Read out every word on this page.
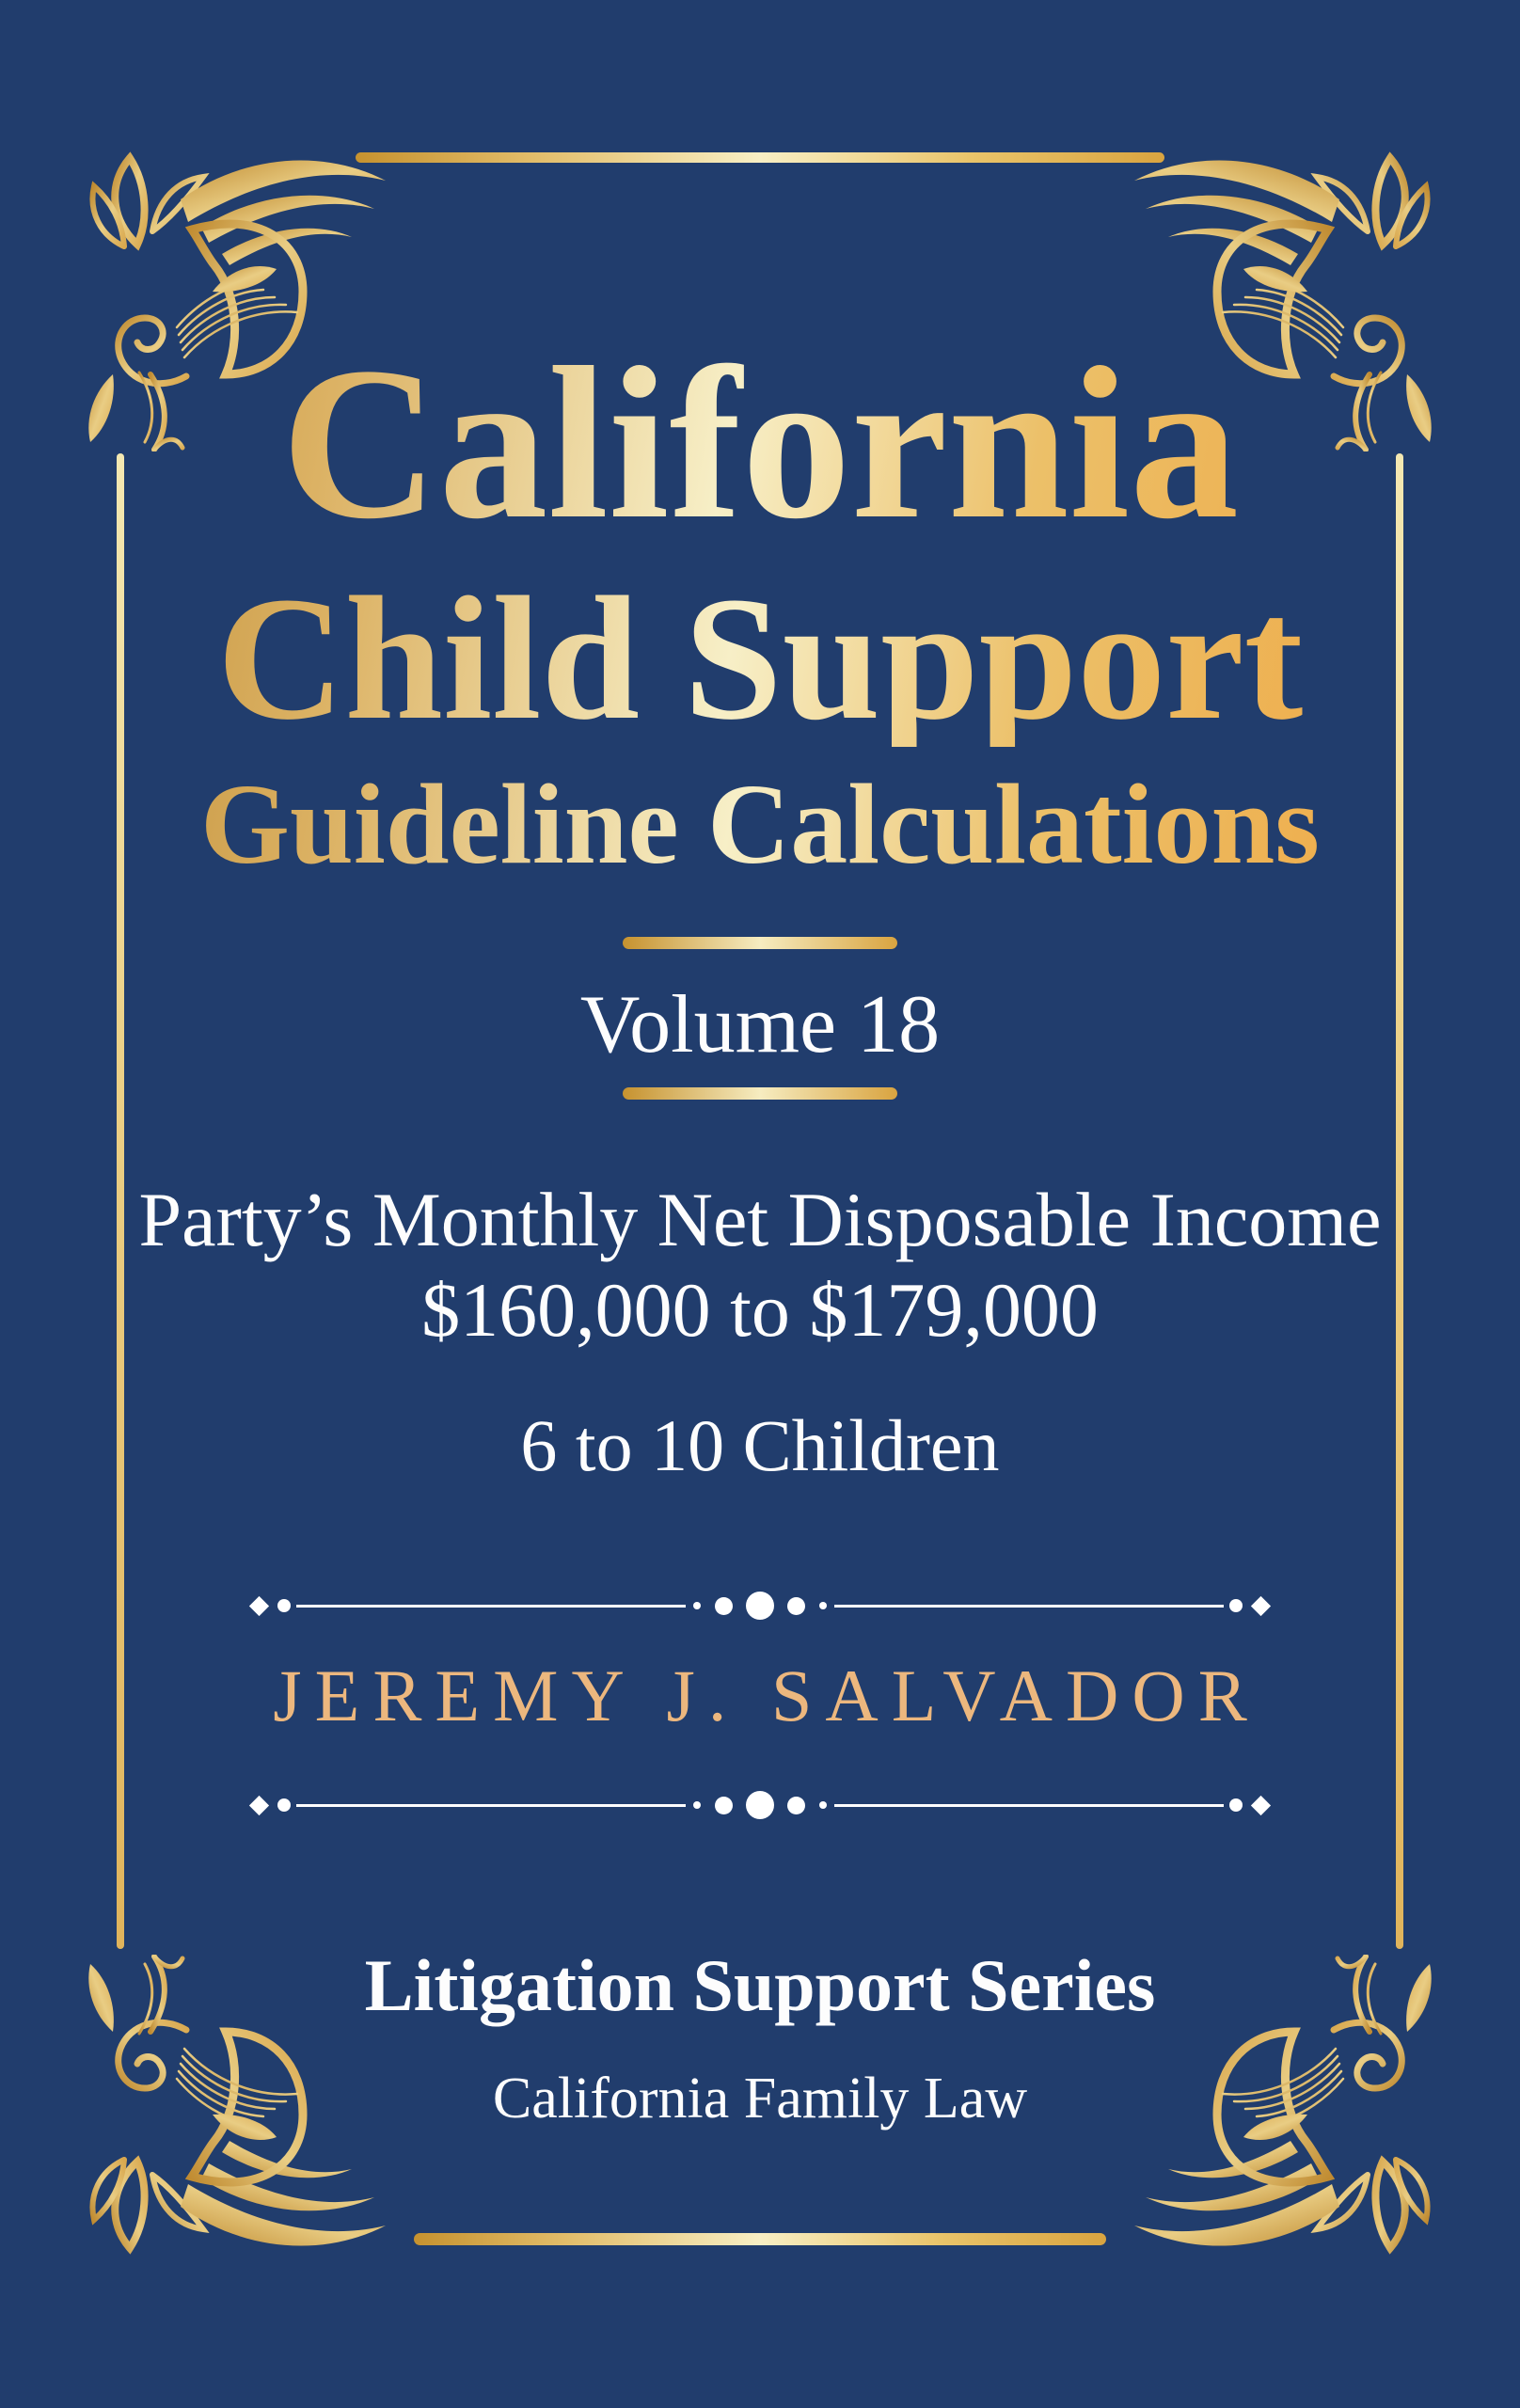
California
Child Support
Guideline Calculations
Volume 18
Party’s Monthly Net Disposable Income
$160,000 to $179,000
6 to 10 Children
JEREMY J. SALVADOR
Litigation Support Series
California Family Law
